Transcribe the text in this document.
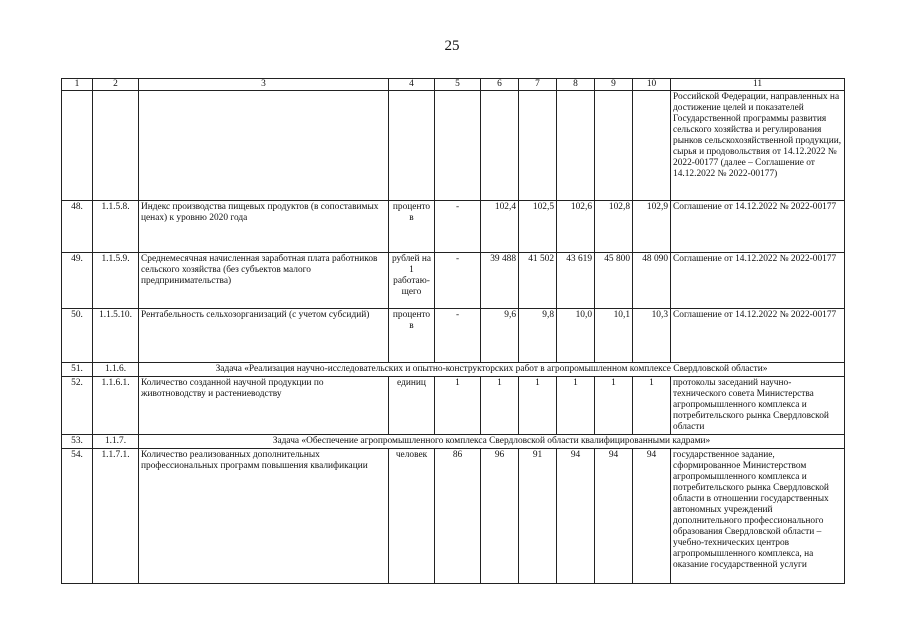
25
1	2	3	4	5	6	7	8	9	10	11
										Российской Федерации, направленных на достижение целей и показателей Государственной программы развития сельского хозяйства и регулирования рынков сельскохозяйственной продукции, сырья и продовольствия от 14.12.2022 № 2022-00177 (далее – Соглашение от 14.12.2022 № 2022-00177)
48.	1.1.5.8.	Индекс производства пищевых продуктов (в сопоставимых ценах) к уровню 2020 года	процентов	-	102,4	102,5	102,6	102,8	102,9	Соглашение от 14.12.2022 № 2022-00177
49.	1.1.5.9.	Среднемесячная начисленная заработная плата работников сельского хозяйства (без субъектов малого предпринимательства)	рублей на 1 работаю-щего	-	39 488	41 502	43 619	45 800	48 090	Соглашение от 14.12.2022 № 2022-00177
50.	1.1.5.10.	Рентабельность сельхозорганизаций (с учетом субсидий)	процентов	-	9,6	9,8	10,0	10,1	10,3	Соглашение от 14.12.2022 № 2022-00177
51.	1.1.6.	Задача «Реализация научно-исследовательских и опытно-конструкторских работ в агропромышленном комплексе Свердловской области»								
52.	1.1.6.1.	Количество созданной научной продукции по животноводству и растениеводству	единиц	1	1	1	1	1	1	протоколы заседаний научно-технического совета Министерства агропромышленного комплекса и потребительского рынка Свердловской области
53.	1.1.7.	Задача «Обеспечение агропромышленного комплекса Свердловской области квалифицированными кадрами»								
54.	1.1.7.1.	Количество реализованных дополнительных профессиональных программ повышения квалификации	человек	86	96	91	94	94	94	государственное задание, сформированное Министерством агропромышленного комплекса и потребительского рынка Свердловской области в отношении государственных автономных учреждений дополнительного профессионального образования Свердловской области – учебно-технических центров агропромышленного комплекса, на оказание государственной услуги
